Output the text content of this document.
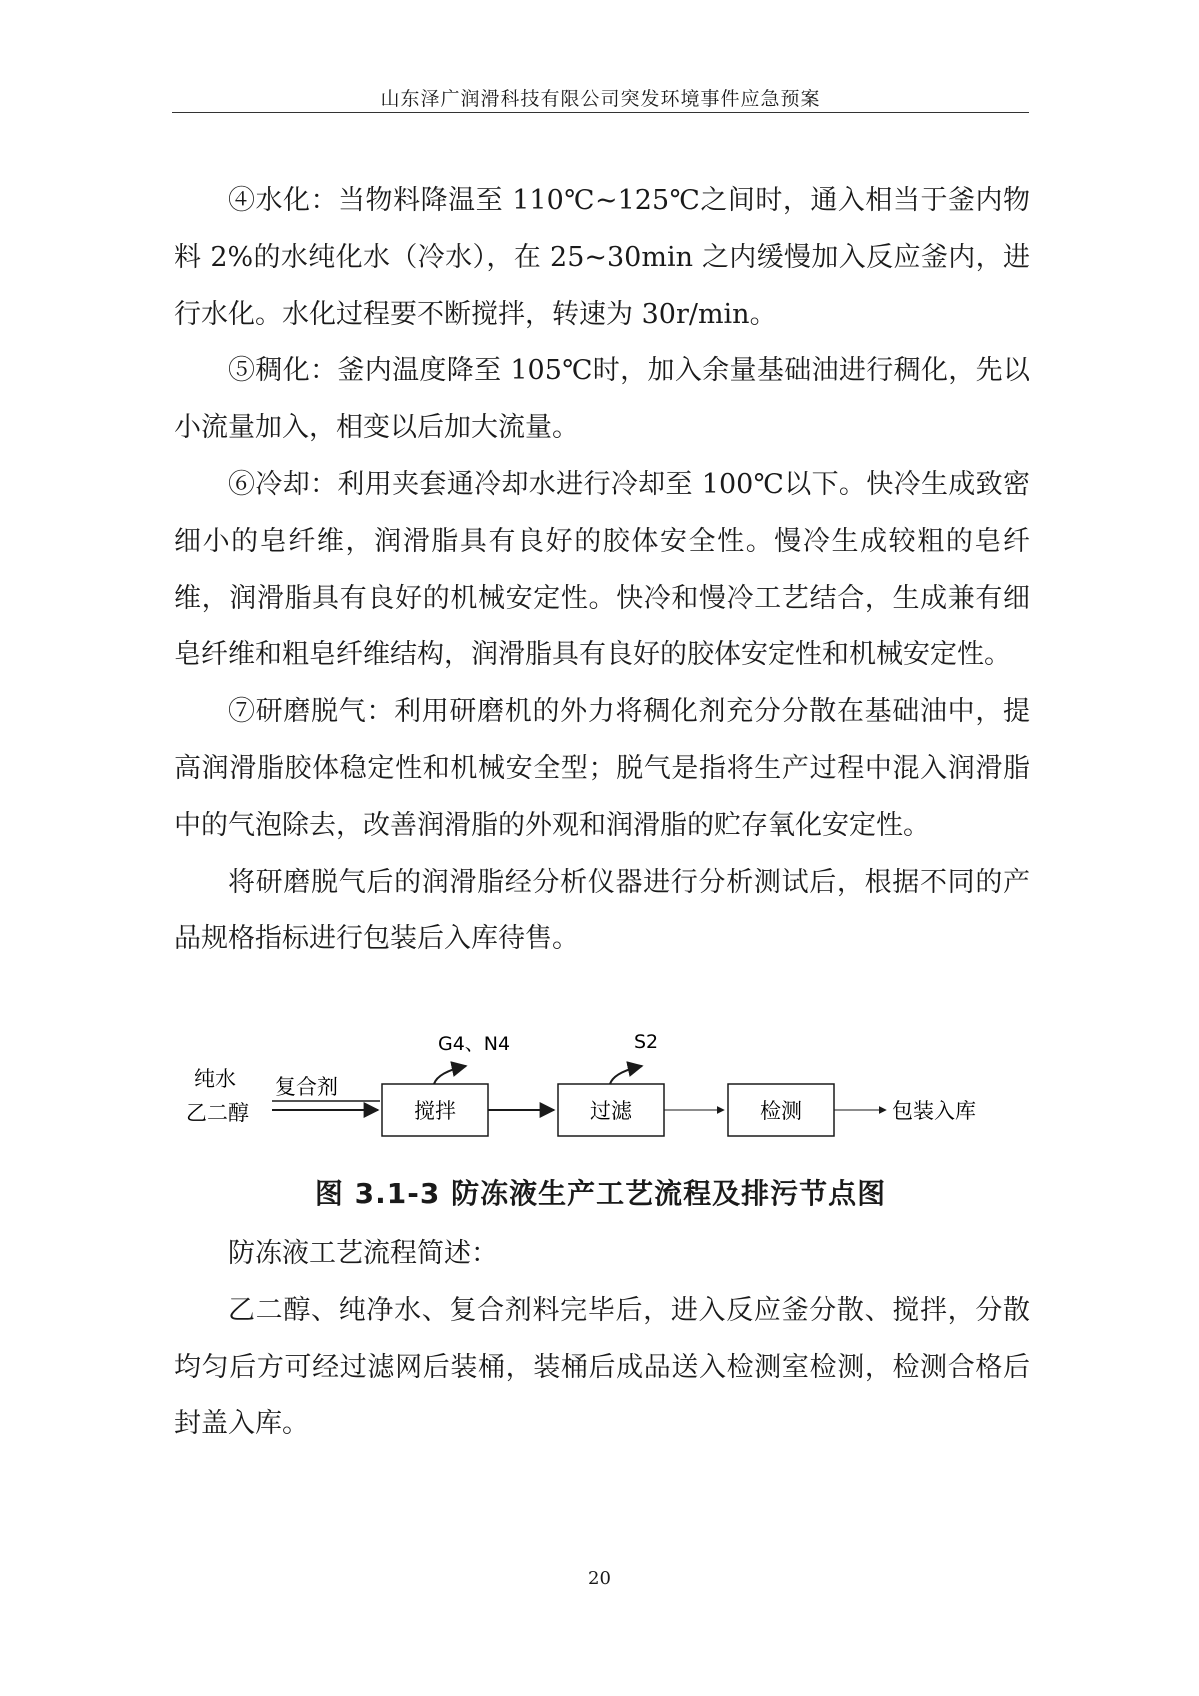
山东泽广润滑科技有限公司突发环境事件应急预案

④水化：当物料降温至 110℃~125℃之间时，通入相当于釜内物料 2%的水纯化水（冷水），在 25~30min 之内缓慢加入反应釜内，进行水化。水化过程要不断搅拌，转速为 30r/min。

⑤稠化：釜内温度降至 105℃时，加入余量基础油进行稠化，先以小流量加入，相变以后加大流量。

⑥冷却：利用夹套通冷却水进行冷却至 100℃以下。快冷生成致密细小的皂纤维，润滑脂具有良好的胶体安全性。慢冷生成较粗的皂纤维，润滑脂具有良好的机械安定性。快冷和慢冷工艺结合，生成兼有细皂纤维和粗皂纤维结构，润滑脂具有良好的胶体安定性和机械安定性。

⑦研磨脱气：利用研磨机的外力将稠化剂充分分散在基础油中，提高润滑脂胶体稳定性和机械安全型；脱气是指将生产过程中混入润滑脂中的气泡除去，改善润滑脂的外观和润滑脂的贮存氧化安定性。

将研磨脱气后的润滑脂经分析仪器进行分析测试后，根据不同的产品规格指标进行包装后入库待售。

纯水
乙二醇
复合剂
搅拌	过滤	检测	包装入库
G4、N4	S2
图 3.1-3 防冻液生产工艺流程及排污节点图

防冻液工艺流程简述：

乙二醇、纯净水、复合剂料完毕后，进入反应釜分散、搅拌，分散均匀后方可经过滤网后装桶，装桶后成品送入检测室检测，检测合格后封盖入库。

20
